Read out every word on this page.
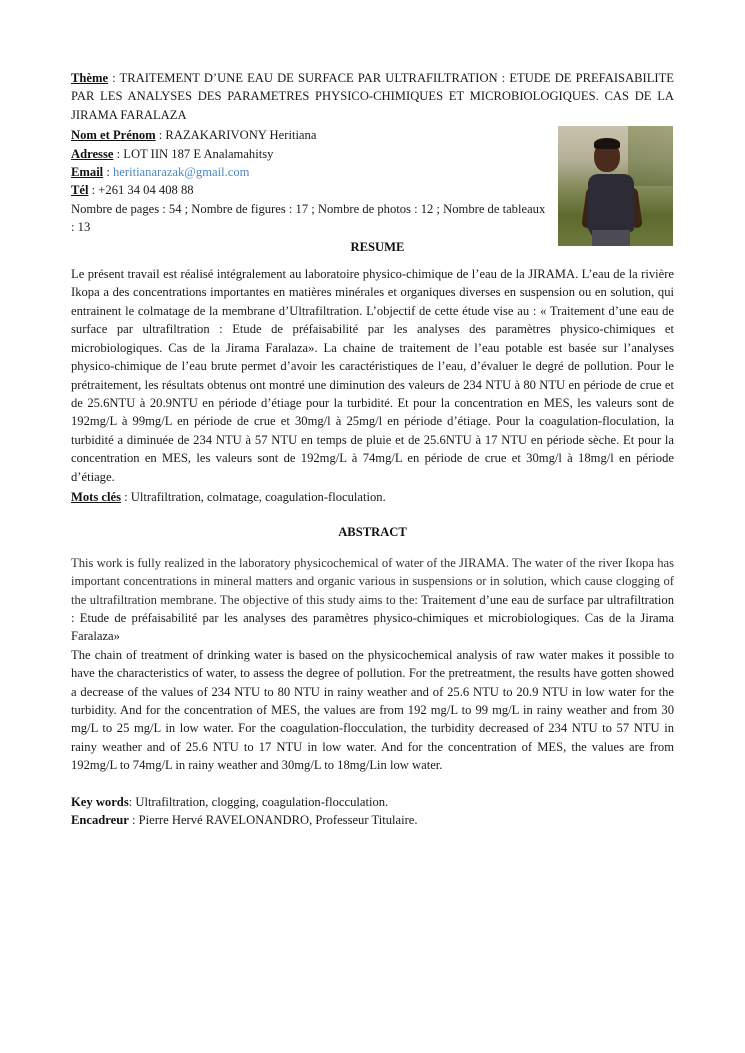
Thème : TRAITEMENT D’UNE EAU DE SURFACE PAR ULTRAFILTRATION : ETUDE DE PREFAISABILITE PAR LES ANALYSES DES PARAMETRES PHYSICO-CHIMIQUES ET MICROBIOLOGIQUES. CAS DE LA JIRAMA FARALAZA

Nom et Prénom : RAZAKARIVONY Heritiana
Adresse : LOT IIN 187 E Analamahitsy
Email : heritianarazak@gmail.com
Tél : +261 34 04 408 88
Nombre de pages : 54 ; Nombre de figures : 17 ; Nombre de photos : 12 ; Nombre de tableaux : 13

RESUME

Le présent travail est réalisé intégralement au laboratoire physico-chimique de l’eau de la JIRAMA. L’eau de la rivière Ikopa a des concentrations importantes en matières minérales et organiques diverses en suspension ou en solution, qui entrainent le colmatage de la membrane d’Ultrafiltration. L’objectif de cette étude vise au : « Traitement d’une eau de surface par ultrafiltration : Etude de préfaisabilité par les analyses des paramètres physico-chimiques et microbiologiques. Cas de la Jirama Faralaza». La chaine de traitement de l’eau potable est basée sur l’analyses physico-chimique de l’eau brute permet d’avoir les caractéristiques de l’eau, d’évaluer le degré de pollution. Pour le prétraitement, les résultats obtenus ont montré une diminution des valeurs de 234 NTU à 80 NTU en période de crue et de 25.6NTU à 20.9NTU en période d’étiage pour la turbidité. Et pour la concentration en MES, les valeurs sont de 192mg/L à 99mg/L en période de crue et 30mg/l à 25mg/l en période d’étiage. Pour la coagulation-floculation, la turbidité a diminuée de 234 NTU à 57 NTU en temps de pluie et de 25.6NTU à 17 NTU en période sèche. Et pour la concentration en MES, les valeurs sont de 192mg/L à 74mg/L en période de crue et 30mg/l à 18mg/l en période d’étiage.

Mots clés : Ultrafiltration, colmatage, coagulation-floculation.

ABSTRACT

This work is fully realized in the laboratory physicochemical of water of the JIRAMA. The water of the river Ikopa has important concentrations in mineral matters and organic various in suspensions or in solution, which cause clogging of the ultrafiltration membrane. The objective of this study aims to the: Traitement d’une eau de surface par ultrafiltration : Etude de préfaisabilité par les analyses des paramètres physico-chimiques et microbiologiques. Cas de la Jirama Faralaza»

The chain of treatment of drinking water is based on the physicochemical analysis of raw water makes it possible to have the characteristics of water, to assess the degree of pollution. For the pretreatment, the results have gotten showed a decrease of the values of 234 NTU to 80 NTU in rainy weather and of 25.6 NTU to 20.9 NTU in low water for the turbidity. And for the concentration of MES, the values are from 192 mg/L to 99 mg/L in rainy weather and from 30 mg/L to 25 mg/L in low water. For the coagulation-flocculation, the turbidity decreased of 234 NTU to 57 NTU in rainy weather and of 25.6 NTU to 17 NTU in low water. And for the concentration of MES, the values are from 192mg/L to 74mg/L in rainy weather and 30mg/L to 18mg/Lin low water.

Key words: Ultrafiltration, clogging, coagulation-flocculation.

Encadreur : Pierre Hervé RAVELONANDRO, Professeur Titulaire.
